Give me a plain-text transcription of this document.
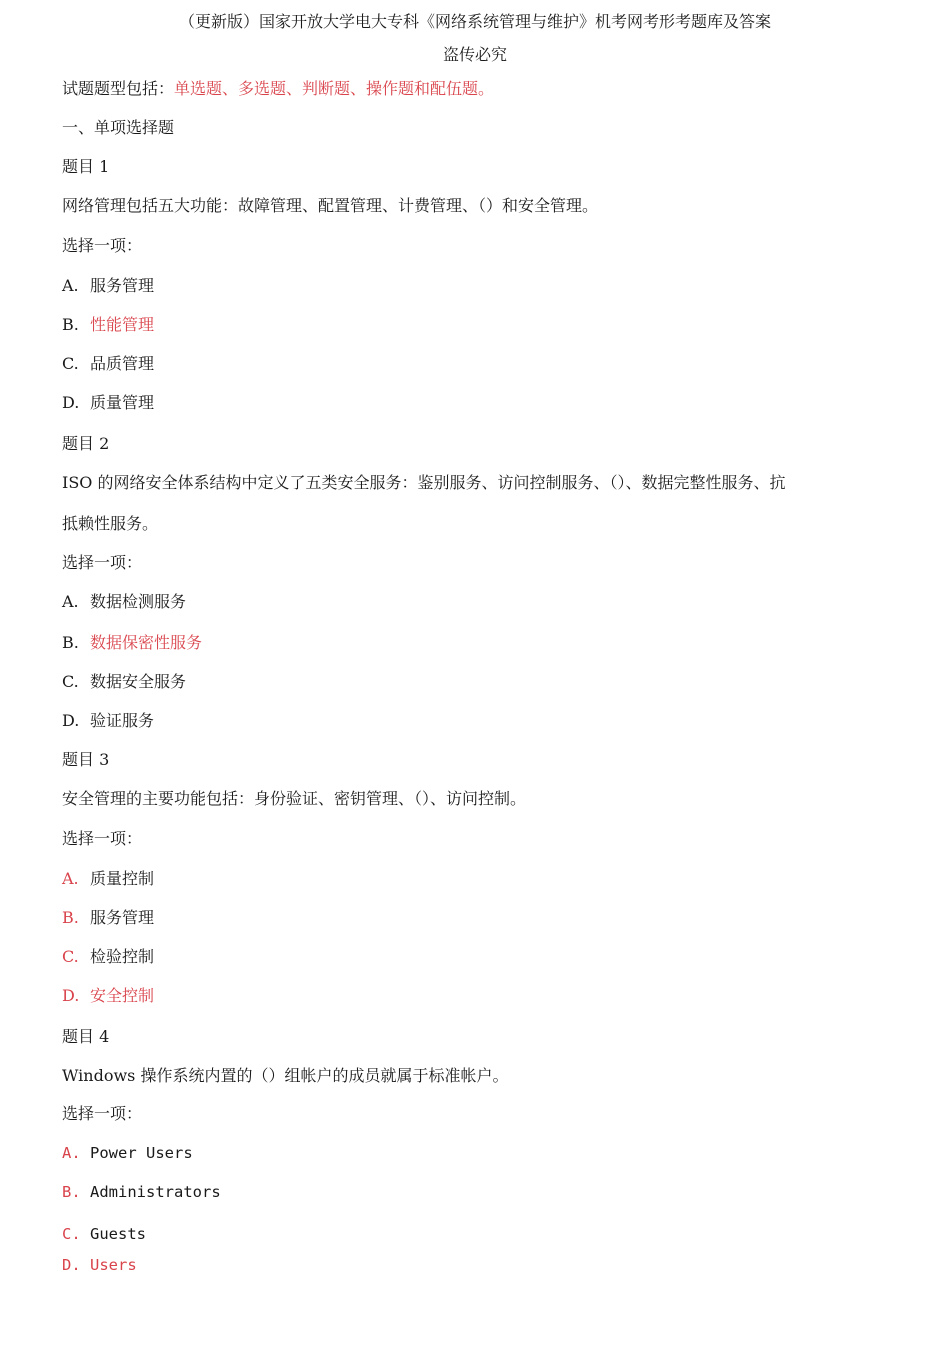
（更新版）国家开放大学电大专科《网络系统管理与维护》机考网考形考题库及答案
盗传必究
试题题型包括：单选题、多选题、判断题、操作题和配伍题。
一、单项选择题
题目 1
网络管理包括五大功能：故障管理、配置管理、计费管理、（）和安全管理。
选择一项：
A. 服务管理
B. 性能管理
C. 品质管理
D. 质量管理
题目 2
ISO 的网络安全体系结构中定义了五类安全服务：鉴别服务、访问控制服务、（）、数据完整性服务、抗
抵赖性服务。
选择一项：
A. 数据检测服务
B. 数据保密性服务
C. 数据安全服务
D. 验证服务
题目 3
安全管理的主要功能包括：身份验证、密钥管理、（）、访问控制。
选择一项：
A. 质量控制
B. 服务管理
C. 检验控制
D. 安全控制
题目 4
Windows 操作系统内置的（）组帐户的成员就属于标准帐户。
选择一项：
A. Power Users
B. Administrators
C. Guests
D. Users
